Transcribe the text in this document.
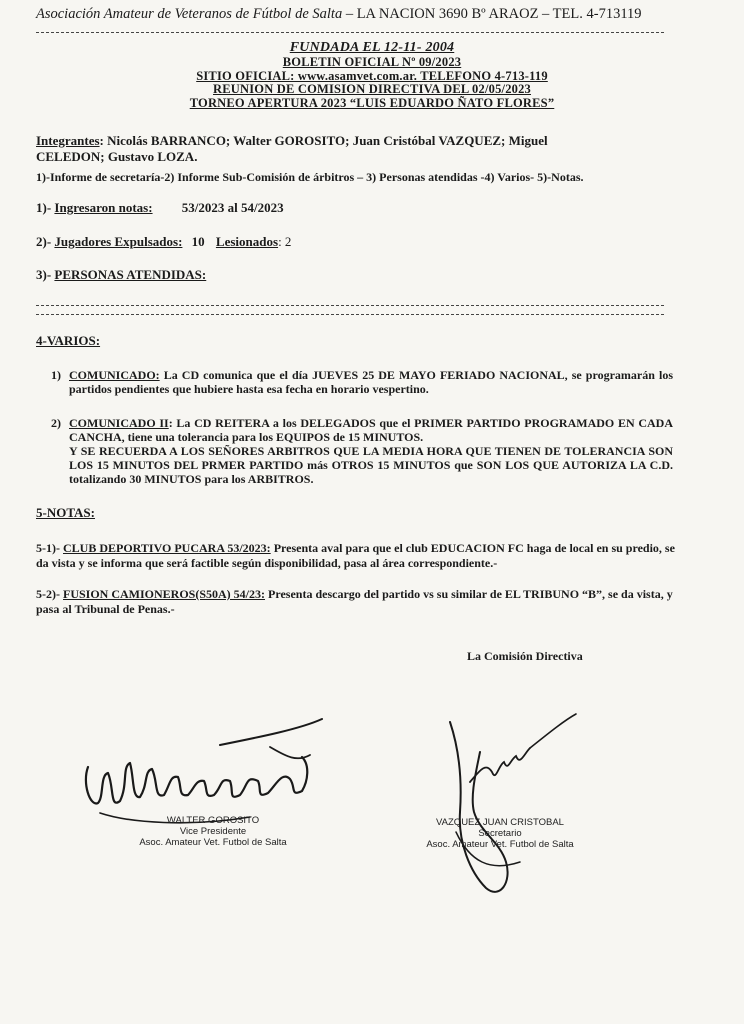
Asociación Amateur de Veteranos de Fútbol de Salta – LA NACION 3690 Bº ARAOZ – TEL. 4-713119
FUNDADA EL 12-11- 2004
BOLETIN OFICIAL Nº 09/2023
SITIO OFICIAL: www.asamvet.com.ar. TELEFONO 4-713-119
REUNION DE COMISION DIRECTIVA DEL 02/05/2023
TORNEO APERTURA 2023 “LUIS EDUARDO ÑATO FLORES”
Integrantes: Nicolás BARRANCO; Walter GOROSITO; Juan Cristóbal VAZQUEZ; Miguel
CELEDON; Gustavo LOZA.
1)-Informe de secretaría-2) Informe Sub-Comisión de árbitros – 3) Personas atendidas -4) Varios- 5)-Notas.
1)- Ingresaron notas: 53/2023 al 54/2023
2)- Jugadores Expulsados: 10 Lesionados: 2
3)- PERSONAS ATENDIDAS:
4-VARIOS:
1) COMUNICADO: La CD comunica que el día JUEVES 25 DE MAYO FERIADO NACIONAL, se programarán los partidos pendientes que hubiere hasta esa fecha en horario vespertino.
2) COMUNICADO II: La CD REITERA a los DELEGADOS que el PRIMER PARTIDO PROGRAMADO EN CADA CANCHA, tiene una tolerancia para los EQUIPOS de 15 MINUTOS.
Y SE RECUERDA A LOS SEÑORES ARBITROS QUE LA MEDIA HORA QUE TIENEN DE TOLERANCIA SON LOS 15 MINUTOS DEL PRMER PARTIDO más OTROS 15 MINUTOS que SON LOS QUE AUTORIZA LA C.D. totalizando 30 MINUTOS para los ARBITROS.
5-NOTAS:
5-1)- CLUB DEPORTIVO PUCARA 53/2023: Presenta aval para que el club EDUCACION FC haga de local en su predio, se da vista y se informa que será factible según disponibilidad, pasa al área correspondiente.-
5-2)- FUSION CAMIONEROS(S50A) 54/23: Presenta descargo del partido vs su similar de EL TRIBUNO “B”, se da vista, y pasa al Tribunal de Penas.-
La Comisión Directiva
WALTER GOROSITO
Vice Presidente
Asoc. Amateur Vet. Futbol de Salta
VAZQUEZ JUAN CRISTOBAL
Secretario
Asoc. Amateur Vet. Futbol de Salta
